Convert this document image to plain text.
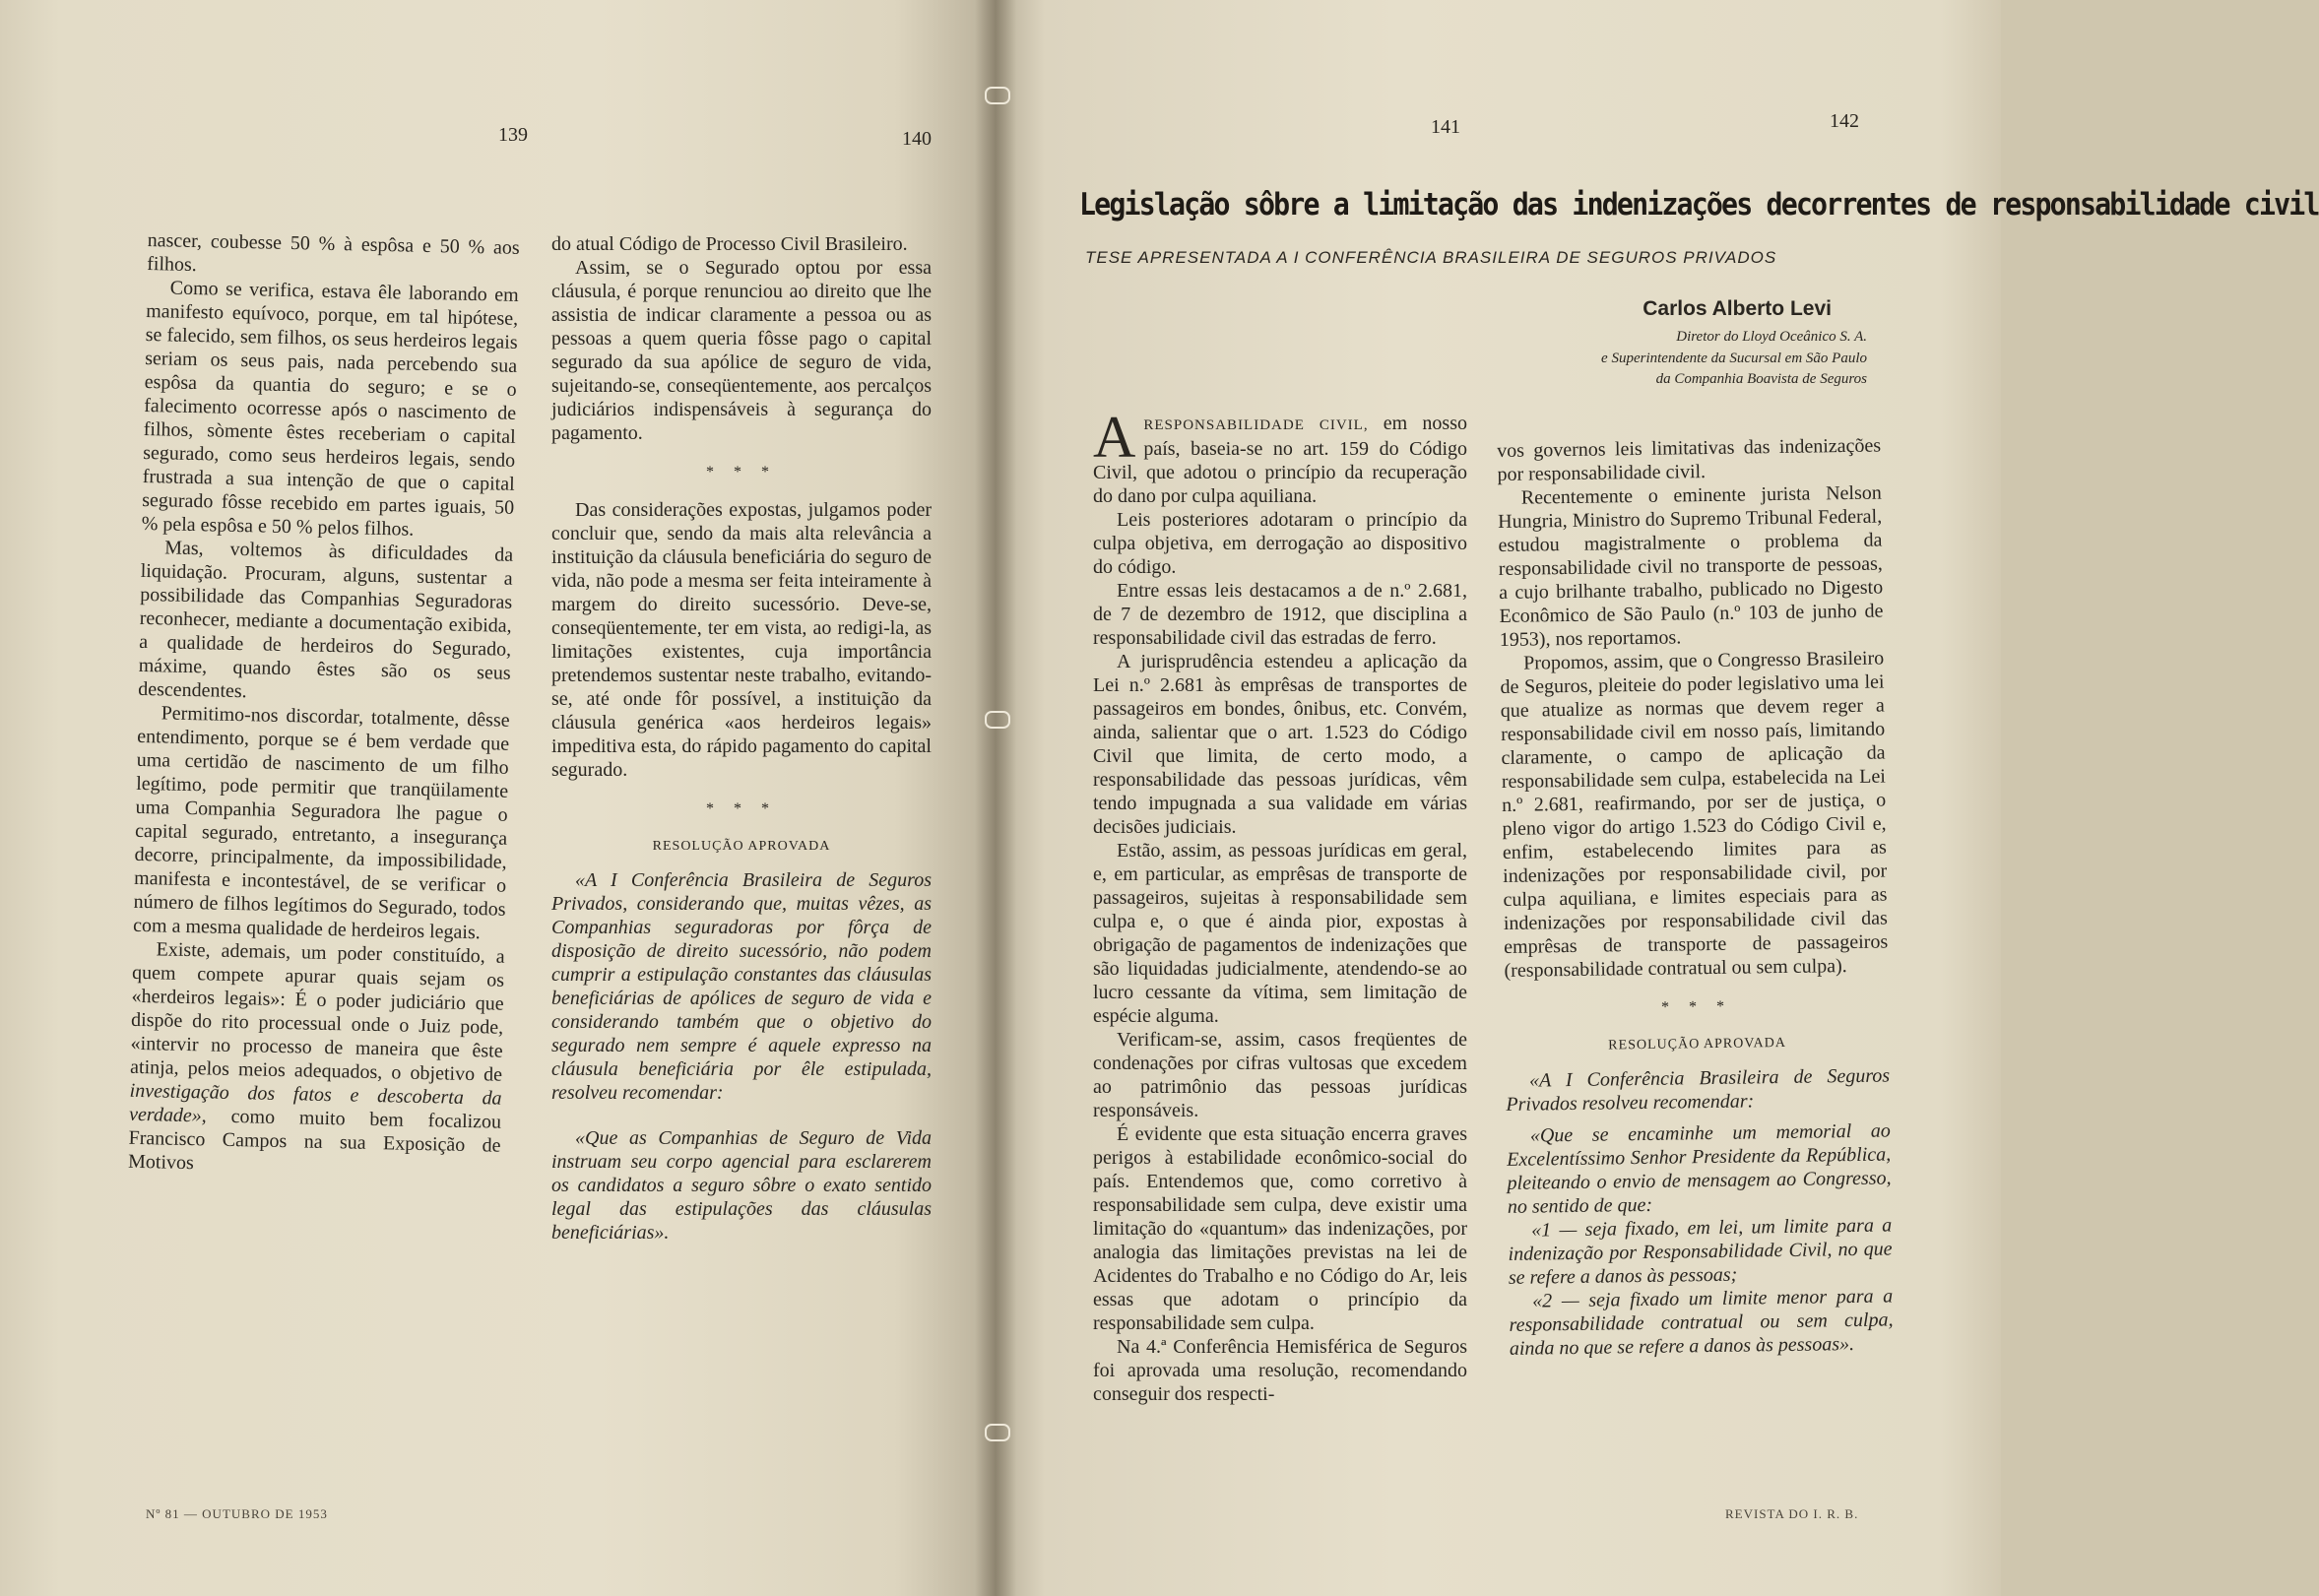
139	140

nascer, coubesse 50 % à espôsa e 50 % aos filhos.

Como se verifica, estava êle laborando em manifesto equívoco, porque, em tal hipótese, se falecido, sem filhos, os seus herdeiros legais seriam os seus pais, nada percebendo sua espôsa da quantia do seguro; e se o falecimento ocorresse após o nascimento de filhos, sòmente êstes receberiam o capital segurado, como seus herdeiros legais, sendo frustrada a sua intenção de que o capital segurado fôsse recebido em partes iguais, 50 % pela espôsa e 50 % pelos filhos.

Mas, voltemos às dificuldades da liquidação. Procuram, alguns, sustentar a possibilidade das Companhias Seguradoras reconhecer, mediante a documentação exibida, a qualidade de herdeiros do Segurado, máxime, quando êstes são os seus descendentes.

Permitimo-nos discordar, totalmente, dêsse entendimento, porque se é bem verdade que uma certidão de nascimento de um filho legítimo, pode permitir que tranqüilamente uma Companhia Seguradora lhe pague o capital segurado, entretanto, a insegurança decorre, principalmente, da impossibilidade, manifesta e incontestável, de se verificar o número de filhos legítimos do Segurado, todos com a mesma qualidade de herdeiros legais.

Existe, ademais, um poder constituído, a quem compete apurar quais sejam os «herdeiros legais»: É o poder judiciário que dispõe do rito processual onde o Juiz pode, «intervir no processo de maneira que êste atinja, pelos meios adequados, o objetivo de investigação dos fatos e descoberta da verdade», como muito bem focalizou Francisco Campos na sua Exposição de Motivos

do atual Código de Processo Civil Brasileiro.

Assim, se o Segurado optou por essa cláusula, é porque renunciou ao direito que lhe assistia de indicar claramente a pessoa ou as pessoas a quem queria fôsse pago o capital segurado da sua apólice de seguro de vida, sujeitando-se, conseqüentemente, aos percalços judiciários indispensáveis à segurança do pagamento.

* * *

Das considerações expostas, julgamos poder concluir que, sendo da mais alta relevância a instituição da cláusula beneficiária do seguro de vida, não pode a mesma ser feita inteiramente à margem do direito sucessório. Deve-se, conseqüentemente, ter em vista, ao redigi-la, as limitações existentes, cuja importância pretendemos sustentar neste trabalho, evitando-se, até onde fôr possível, a instituição da cláusula genérica «aos herdeiros legais» impeditiva esta, do rápido pagamento do capital segurado.

* * *
RESOLUÇÃO APROVADA

«A I Conferência Brasileira de Seguros Privados, considerando que, muitas vêzes, as Companhias seguradoras por fôrça de disposição de direito sucessório, não podem cumprir a estipulação constantes das cláusulas beneficiárias de apólices de seguro de vida e considerando também que o objetivo do segurado nem sempre é aquele expresso na cláusula beneficiária por êle estipulada, resolveu recomendar:

«Que as Companhias de Seguro de Vida instruam seu corpo agencial para esclarerem os candidatos a seguro sôbre o exato sentido legal das estipulações das cláusulas beneficiárias».

Nº 81 — OUTUBRO DE 1953
141	142
Legislação sôbre a limitação das indenizações decorrentes de responsabilidade civil
TESE APRESENTADA A I CONFERÊNCIA BRASILEIRA DE SEGUROS PRIVADOS
Carlos Alberto Levi
Diretor do Lloyd Oceânico S. A.
e Superintendente da Sucursal em São Paulo
da Companhia Boavista de Seguros

ARESPONSABILIDADE CIVIL, em nosso país, baseia-se no art. 159 do Código Civil, que adotou o princípio da recuperação do dano por culpa aquiliana.

Leis posteriores adotaram o princípio da culpa objetiva, em derrogação ao dispositivo do código.

Entre essas leis destacamos a de n.º 2.681, de 7 de dezembro de 1912, que disciplina a responsabilidade civil das estradas de ferro.

A jurisprudência estendeu a aplicação da Lei n.º 2.681 às emprêsas de transportes de passageiros em bondes, ônibus, etc. Convém, ainda, salientar que o art. 1.523 do Código Civil que limita, de certo modo, a responsabilidade das pessoas jurídicas, vêm tendo impugnada a sua validade em várias decisões judiciais.

Estão, assim, as pessoas jurídicas em geral, e, em particular, as emprêsas de transporte de passageiros, sujeitas à responsabilidade sem culpa e, o que é ainda pior, expostas à obrigação de pagamentos de indenizações que são liquidadas judicialmente, atendendo-se ao lucro cessante da vítima, sem limitação de espécie alguma.

Verificam-se, assim, casos freqüentes de condenações por cifras vultosas que excedem ao patrimônio das pessoas jurídicas responsáveis.

É evidente que esta situação encerra graves perigos à estabilidade econômico-social do país. Entendemos que, como corretivo à responsabilidade sem culpa, deve existir uma limitação do «quantum» das indenizações, por analogia das limitações previstas na lei de Acidentes do Trabalho e no Código do Ar, leis essas que adotam o princípio da responsabilidade sem culpa.

Na 4.ª Conferência Hemisférica de Seguros foi aprovada uma resolução, recomendando conseguir dos respecti-

vos governos leis limitativas das indenizações por responsabilidade civil.

Recentemente o eminente jurista Nelson Hungria, Ministro do Supremo Tribunal Federal, estudou magistralmente o problema da responsabilidade civil no transporte de pessoas, a cujo brilhante trabalho, publicado no Digesto Econômico de São Paulo (n.º 103 de junho de 1953), nos reportamos.

Propomos, assim, que o Congresso Brasileiro de Seguros, pleiteie do poder legislativo uma lei que atualize as normas que devem reger a responsabilidade civil em nosso país, limitando claramente, o campo de aplicação da responsabilidade sem culpa, estabelecida na Lei n.º 2.681, reafirmando, por ser de justiça, o pleno vigor do artigo 1.523 do Código Civil e, enfim, estabelecendo limites para as indenizações por responsabilidade civil, por culpa aquiliana, e limites especiais para as indenizações por responsabilidade civil das emprêsas de transporte de passageiros (responsabilidade contratual ou sem culpa).

* * *
RESOLUÇÃO APROVADA

«A I Conferência Brasileira de Seguros Privados resolveu recomendar:

«Que se encaminhe um memorial ao Excelentíssimo Senhor Presidente da República, pleiteando o envio de mensagem ao Congresso, no sentido de que:

«1 — seja fixado, em lei, um limite para a indenização por Responsabilidade Civil, no que se refere a danos às pessoas;

«2 — seja fixado um limite menor para a responsabilidade contratual ou sem culpa, ainda no que se refere a danos às pessoas».

REVISTA DO I. R. B.
